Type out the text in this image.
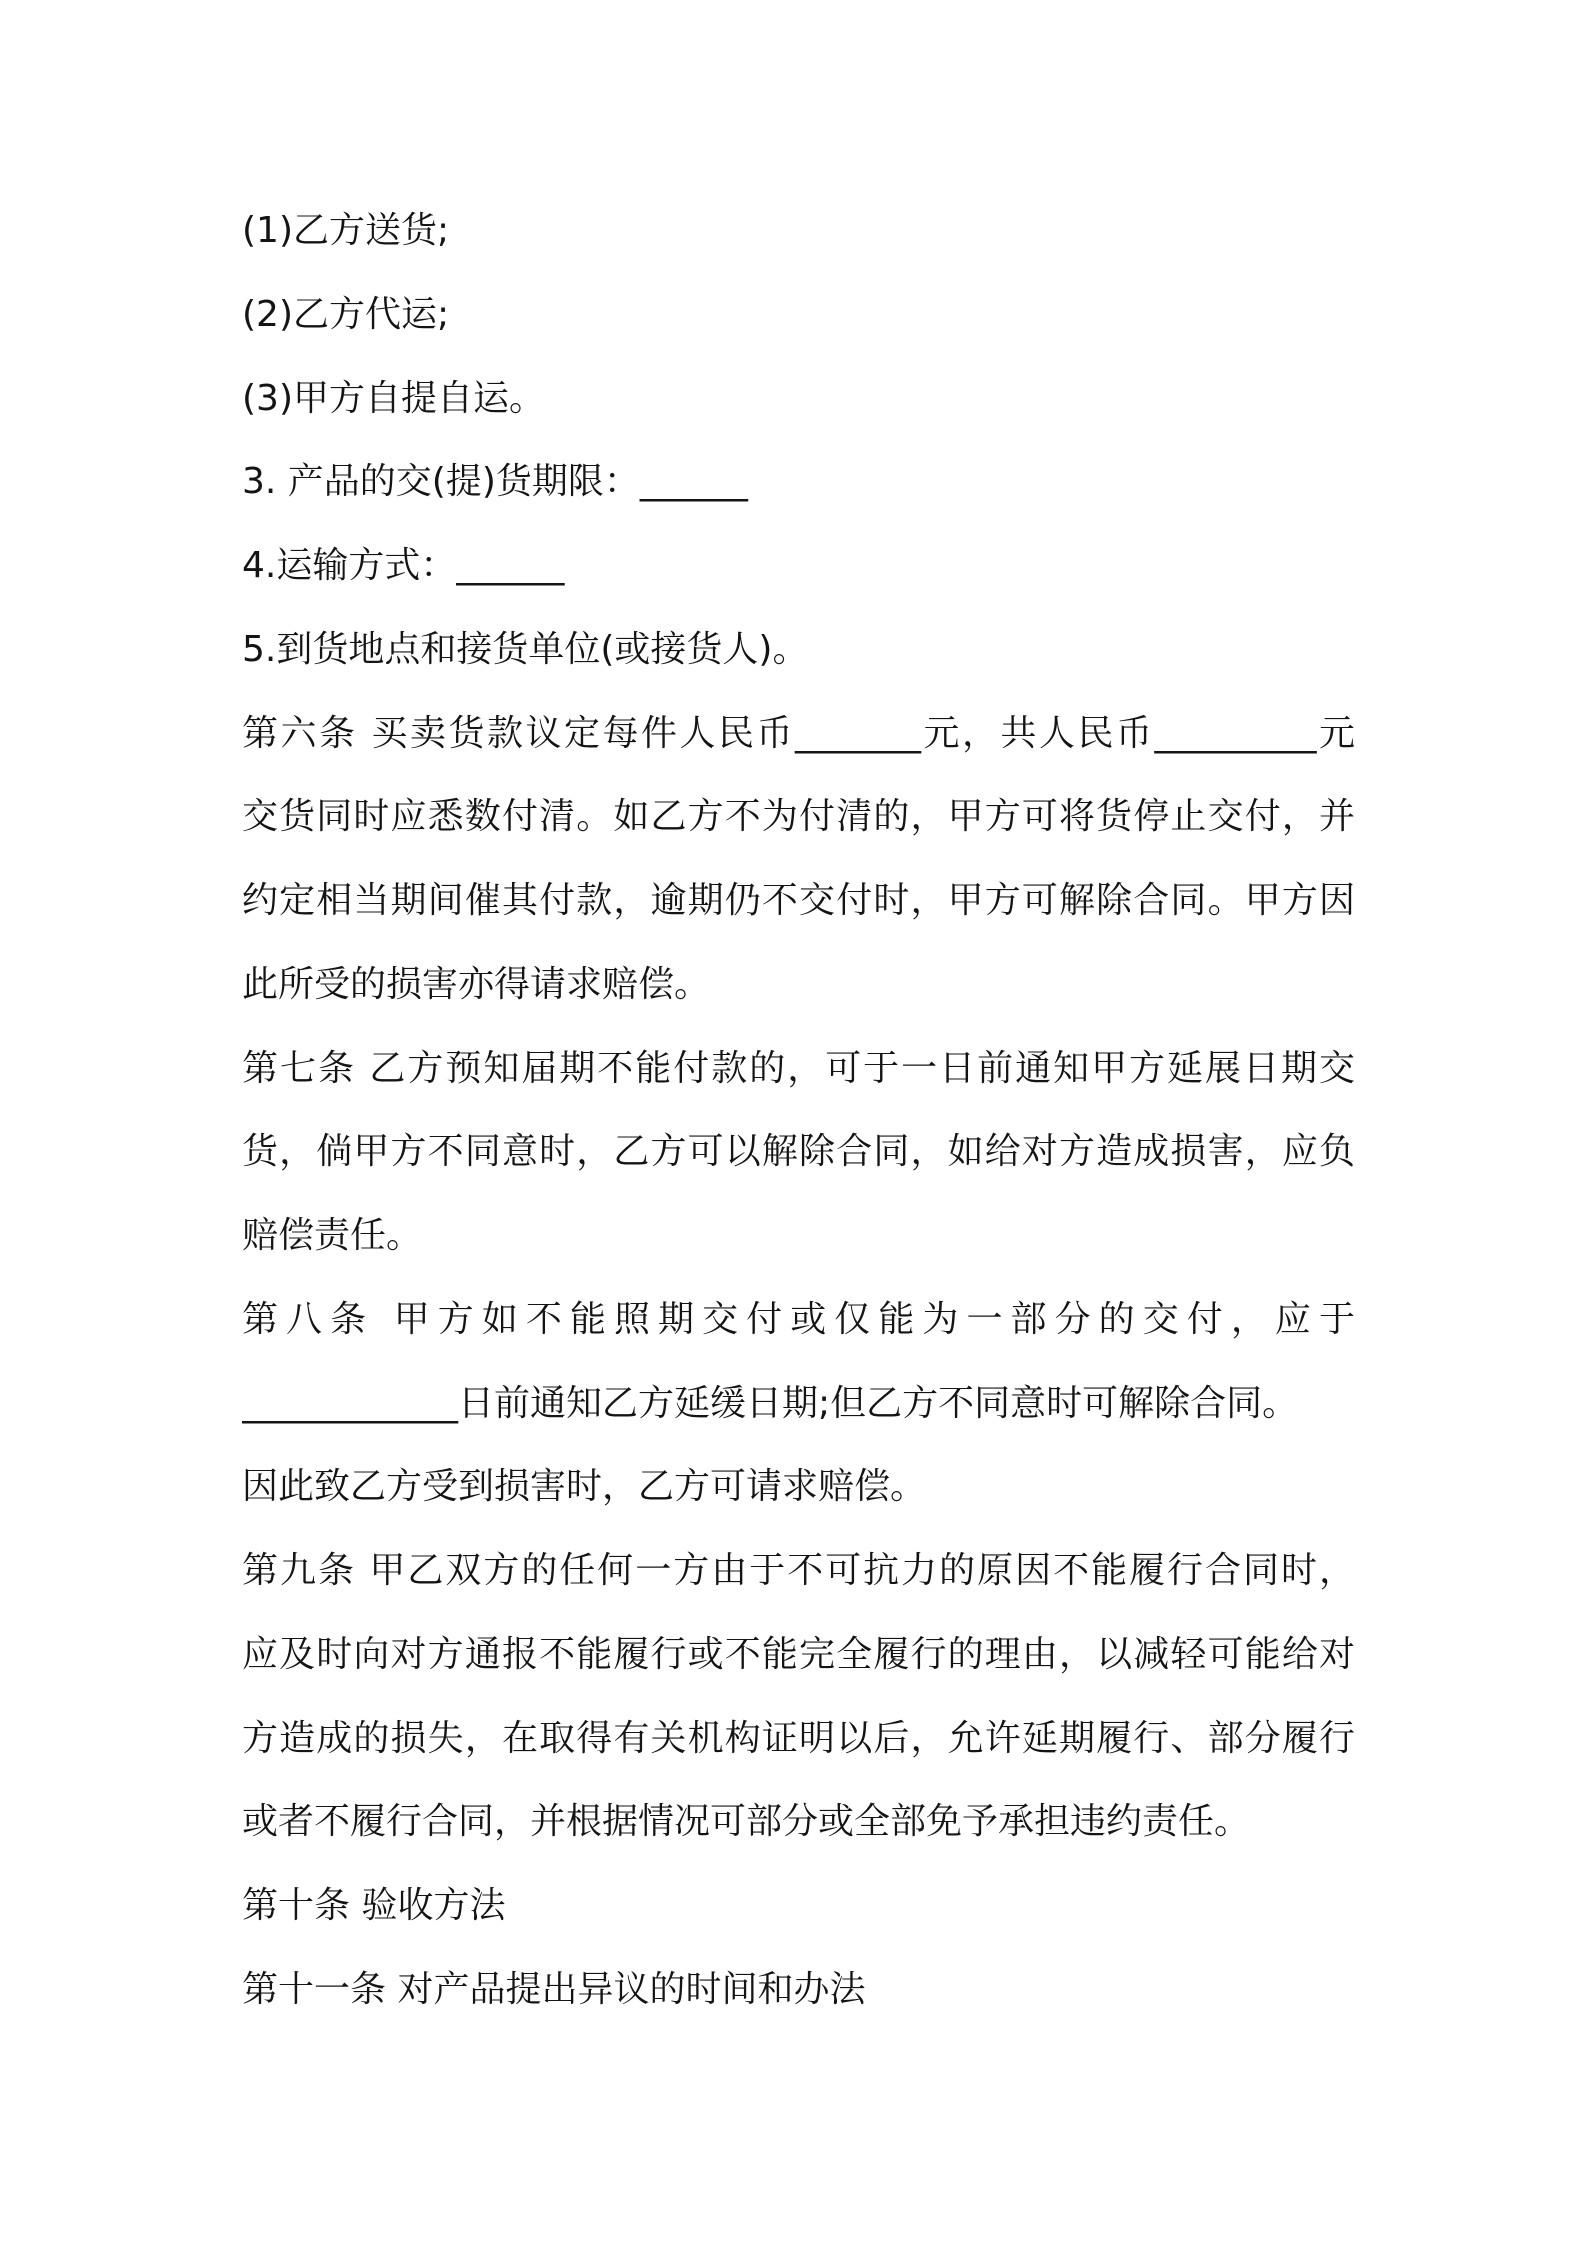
(1)乙方送货;
(2)乙方代运;
(3)甲方自提自运。
3. 产品的交(提)货期限：______
4.运输方式：______
5.到货地点和接货单位(或接货人)。
第六条 买卖货款议定每件人民币_______元，共人民币_________元
交货同时应悉数付清。如乙方不为付清的，甲方可将货停止交付，并
约定相当期间催其付款，逾期仍不交付时，甲方可解除合同。甲方因
此所受的损害亦得请求赔偿。
第七条 乙方预知届期不能付款的，可于一日前通知甲方延展日期交
货，倘甲方不同意时，乙方可以解除合同，如给对方造成损害，应负
赔偿责任。
第八条 甲方如不能照期交付或仅能为一部分的交付，应于
____________日前通知乙方延缓日期;但乙方不同意时可解除合同。
因此致乙方受到损害时，乙方可请求赔偿。
第九条 甲乙双方的任何一方由于不可抗力的原因不能履行合同时，
应及时向对方通报不能履行或不能完全履行的理由，以减轻可能给对
方造成的损失，在取得有关机构证明以后，允许延期履行、部分履行
或者不履行合同，并根据情况可部分或全部免予承担违约责任。
第十条 验收方法
第十一条 对产品提出异议的时间和办法
